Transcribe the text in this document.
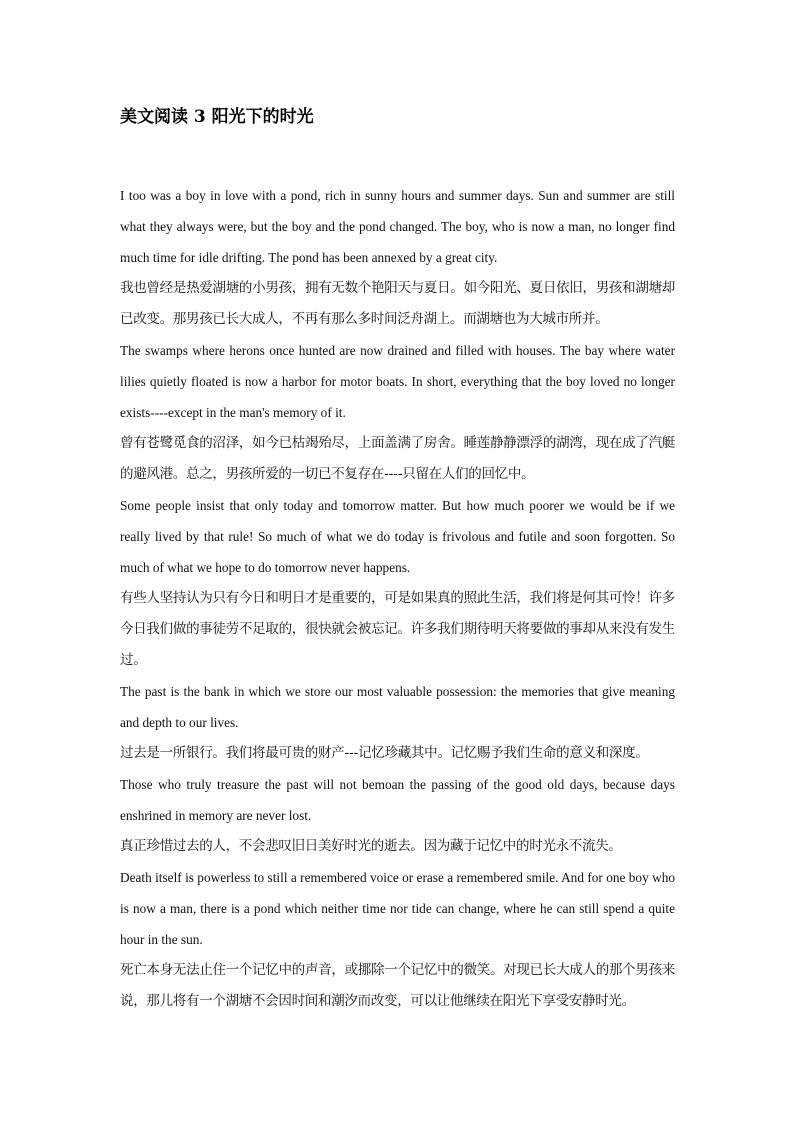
美文阅读 3 阳光下的时光

I too was a boy in love with a pond, rich in sunny hours and summer days. Sun and summer are still what they always were, but the boy and the pond changed. The boy, who is now a man, no longer find much time for idle drifting. The pond has been annexed by a great city.

我也曾经是热爱湖塘的小男孩，拥有无数个艳阳天与夏日。如今阳光、夏日依旧，男孩和湖塘却已改变。那男孩已长大成人，不再有那么多时间泛舟湖上。而湖塘也为大城市所并。

The swamps where herons once hunted are now drained and filled with houses. The bay where water lilies quietly floated is now a harbor for motor boats. In short, everything that the boy loved no longer exists----except in the man's memory of it.

曾有苍鹭觅食的沼泽，如今已枯竭殆尽，上面盖满了房舍。睡莲静静漂浮的湖湾，现在成了汽艇的避风港。总之，男孩所爱的一切已不复存在----只留在人们的回忆中。

Some people insist that only today and tomorrow matter. But how much poorer we would be if we really lived by that rule! So much of what we do today is frivolous and futile and soon forgotten. So much of what we hope to do tomorrow never happens.

有些人坚持认为只有今日和明日才是重要的，可是如果真的照此生活，我们将是何其可怜！许多今日我们做的事徒劳不足取的，很快就会被忘记。许多我们期待明天将要做的事却从来没有发生过。

The past is the bank in which we store our most valuable possession: the memories that give meaning and depth to our lives.

过去是一所银行。我们将最可贵的财产---记忆珍藏其中。记忆赐予我们生命的意义和深度。

Those who truly treasure the past will not bemoan the passing of the good old days, because days enshrined in memory are never lost.

真正珍惜过去的人，不会悲叹旧日美好时光的逝去。因为藏于记忆中的时光永不流失。

Death itself is powerless to still a remembered voice or erase a remembered smile. And for one boy who is now a man, there is a pond which neither time nor tide can change, where he can still spend a quite hour in the sun.

死亡本身无法止住一个记忆中的声音，或挪除一个记忆中的微笑。对现已长大成人的那个男孩来说，那儿将有一个湖塘不会因时间和潮汐而改变，可以让他继续在阳光下享受安静时光。
